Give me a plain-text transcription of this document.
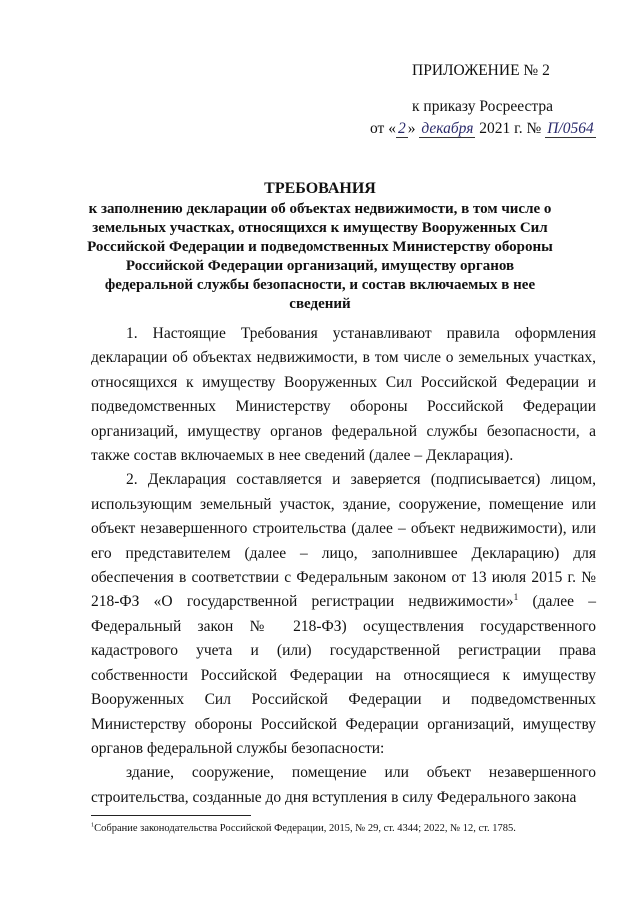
ПРИЛОЖЕНИЕ № 2
к приказу Росреестра
от « 2 » декабря 2021 г. № П/0564
ТРЕБОВАНИЯ
к заполнению декларации об объектах недвижимости, в том числе о земельных участках, относящихся к имуществу Вооруженных Сил Российской Федерации и подведомственных Министерству обороны Российской Федерации организаций, имуществу органов федеральной службы безопасности, и состав включаемых в нее сведений

1. Настоящие Требования устанавливают правила оформления декларации об объектах недвижимости, в том числе о земельных участках, относящихся к имуществу Вооруженных Сил Российской Федерации и подведомственных Министерству обороны Российской Федерации организаций, имуществу органов федеральной службы безопасности, а также состав включаемых в нее сведений (далее – Декларация).

2. Декларация составляется и заверяется (подписывается) лицом, использующим земельный участок, здание, сооружение, помещение или объект незавершенного строительства (далее – объект недвижимости), или его представителем (далее – лицо, заполнившее Декларацию) для обеспечения в соответствии с Федеральным законом от 13 июля 2015 г. № 218-ФЗ «О государственной регистрации недвижимости»$^1$ (далее – Федеральный закон № 218-ФЗ) осуществления государственного кадастрового учета и (или) государственной регистрации права собственности Российской Федерации на относящиеся к имуществу Вооруженных Сил Российской Федерации и подведомственных Министерству обороны Российской Федерации организаций, имуществу органов федеральной службы безопасности:

здание, сооружение, помещение или объект незавершенного строительства, созданные до дня вступления в силу Федерального закона

$^1$Собрание законодательства Российской Федерации, 2015, № 29, ст. 4344; 2022, № 12, ст. 1785.
